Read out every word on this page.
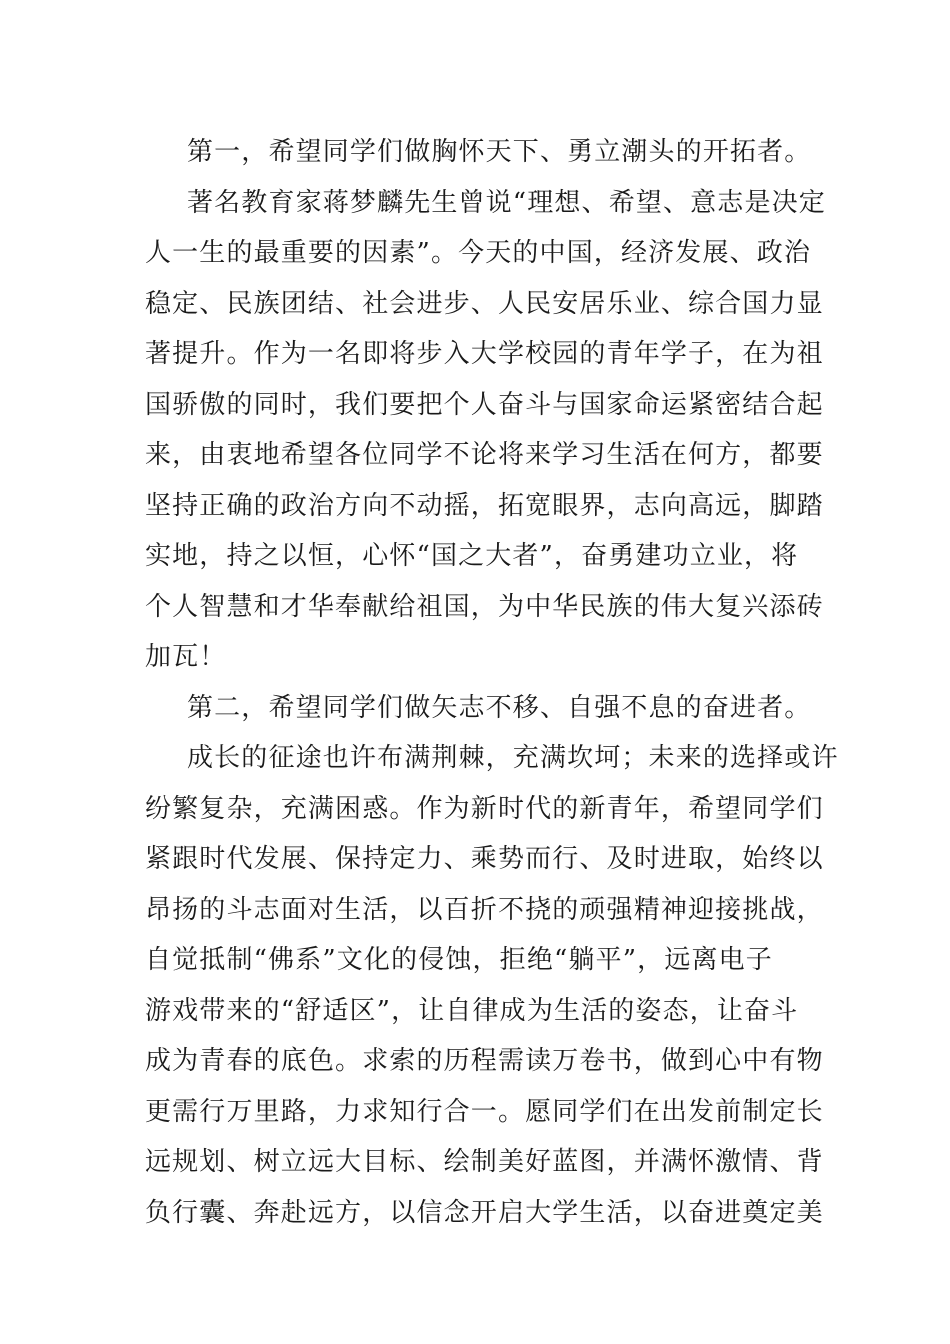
第一，希望同学们做胸怀天下、勇立潮头的开拓者。
著名教育家蒋梦麟先生曾说“理想、希望、意志是决定
人一生的最重要的因素”。今天的中国，经济发展、政治
稳定、民族团结、社会进步、人民安居乐业、综合国力显
著提升。作为一名即将步入大学校园的青年学子，在为祖
国骄傲的同时，我们要把个人奋斗与国家命运紧密结合起
来，由衷地希望各位同学不论将来学习生活在何方，都要
坚持正确的政治方向不动摇，拓宽眼界，志向高远，脚踏
实地，持之以恒，心怀“国之大者”，奋勇建功立业，将
个人智慧和才华奉献给祖国，为中华民族的伟大复兴添砖
加瓦！
第二，希望同学们做矢志不移、自强不息的奋进者。
成长的征途也许布满荆棘，充满坎坷；未来的选择或许
纷繁复杂，充满困惑。作为新时代的新青年，希望同学们
紧跟时代发展、保持定力、乘势而行、及时进取，始终以
昂扬的斗志面对生活，以百折不挠的顽强精神迎接挑战，
自觉抵制“佛系”文化的侵蚀，拒绝“躺平”，远离电子
游戏带来的“舒适区”，让自律成为生活的姿态，让奋斗
成为青春的底色。求索的历程需读万卷书，做到心中有物
更需行万里路，力求知行合一。愿同学们在出发前制定长
远规划、树立远大目标、绘制美好蓝图，并满怀激情、背
负行囊、奔赴远方，以信念开启大学生活，以奋进奠定美
